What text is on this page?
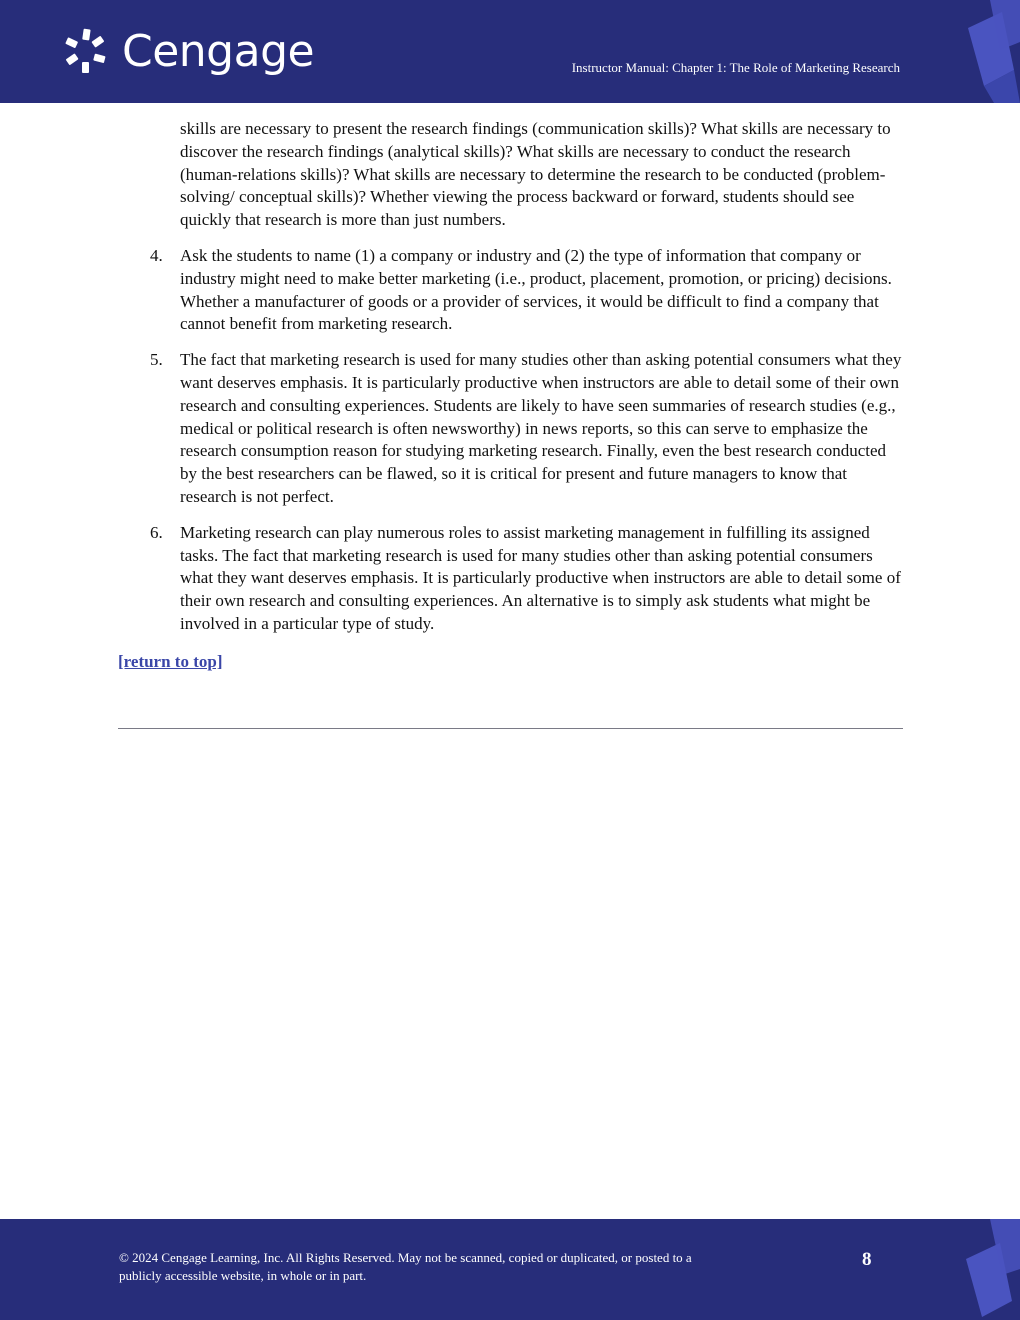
Cengage	Instructor Manual: Chapter 1: The Role of Marketing Research

skills are necessary to present the research findings (communication skills)? What skills are necessary to discover the research findings (analytical skills)? What skills are necessary to conduct the research (human-relations skills)? What skills are necessary to determine the research to be conducted (problem-solving/ conceptual skills)? Whether viewing the process backward or forward, students should see quickly that research is more than just numbers.

4. Ask the students to name (1) a company or industry and (2) the type of information that company or industry might need to make better marketing (i.e., product, placement, promotion, or pricing) decisions. Whether a manufacturer of goods or a provider of services, it would be difficult to find a company that cannot benefit from marketing research.
5. The fact that marketing research is used for many studies other than asking potential consumers what they want deserves emphasis. It is particularly productive when instructors are able to detail some of their own research and consulting experiences. Students are likely to have seen summaries of research studies (e.g., medical or political research is often newsworthy) in news reports, so this can serve to emphasize the research consumption reason for studying marketing research. Finally, even the best research conducted by the best researchers can be flawed, so it is critical for present and future managers to know that research is not perfect.
6. Marketing research can play numerous roles to assist marketing management in fulfilling its assigned tasks. The fact that marketing research is used for many studies other than asking potential consumers what they want deserves emphasis. It is particularly productive when instructors are able to detail some of their own research and consulting experiences. An alternative is to simply ask students what might be involved in a particular type of study.
[return to top]
© 2024 Cengage Learning, Inc. All Rights Reserved. May not be scanned, copied or duplicated, or posted to a publicly accessible website, in whole or in part.
8
